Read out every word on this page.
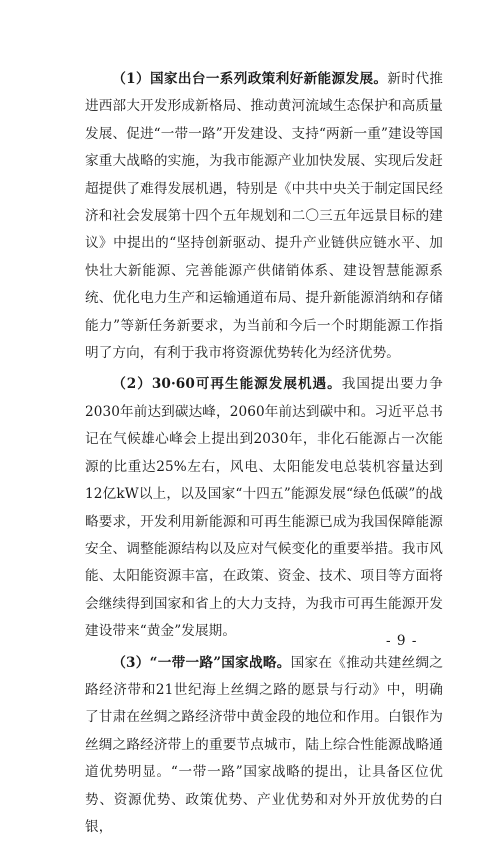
（1）国家出台一系列政策利好新能源发展。新时代推进西部大开发形成新格局、推动黄河流域生态保护和高质量发展、促进“一带一路”开发建设、支持“两新一重”建设等国家重大战略的实施，为我市能源产业加快发展、实现后发赶超提供了难得发展机遇，特别是《中共中央关于制定国民经济和社会发展第十四个五年规划和二〇三五年远景目标的建议》中提出的“坚持创新驱动、提升产业链供应链水平、加快壮大新能源、完善能源产供储销体系、建设智慧能源系统、优化电力生产和运输通道布局、提升新能源消纳和存储能力”等新任务新要求，为当前和今后一个时期能源工作指明了方向，有利于我市将资源优势转化为经济优势。

（2）30·60可再生能源发展机遇。我国提出要力争2030年前达到碳达峰，2060年前达到碳中和。习近平总书记在气候雄心峰会上提出到2030年，非化石能源占一次能源的比重达25%左右，风电、太阳能发电总装机容量达到12亿kW以上，以及国家“十四五”能源发展“绿色低碳”的战略要求，开发利用新能源和可再生能源已成为我国保障能源安全、调整能源结构以及应对气候变化的重要举措。我市风能、太阳能资源丰富，在政策、资金、技术、项目等方面将会继续得到国家和省上的大力支持，为我市可再生能源开发建设带来“黄金”发展期。

（3）“一带一路”国家战略。国家在《推动共建丝绸之路经济带和21世纪海上丝绸之路的愿景与行动》中，明确了甘肃在丝绸之路经济带中黄金段的地位和作用。白银作为丝绸之路经济带上的重要节点城市，陆上综合性能源战略通道优势明显。“一带一路”国家战略的提出，让具备区位优势、资源优势、政策优势、产业优势和对外开放优势的白银，

- 9 -
